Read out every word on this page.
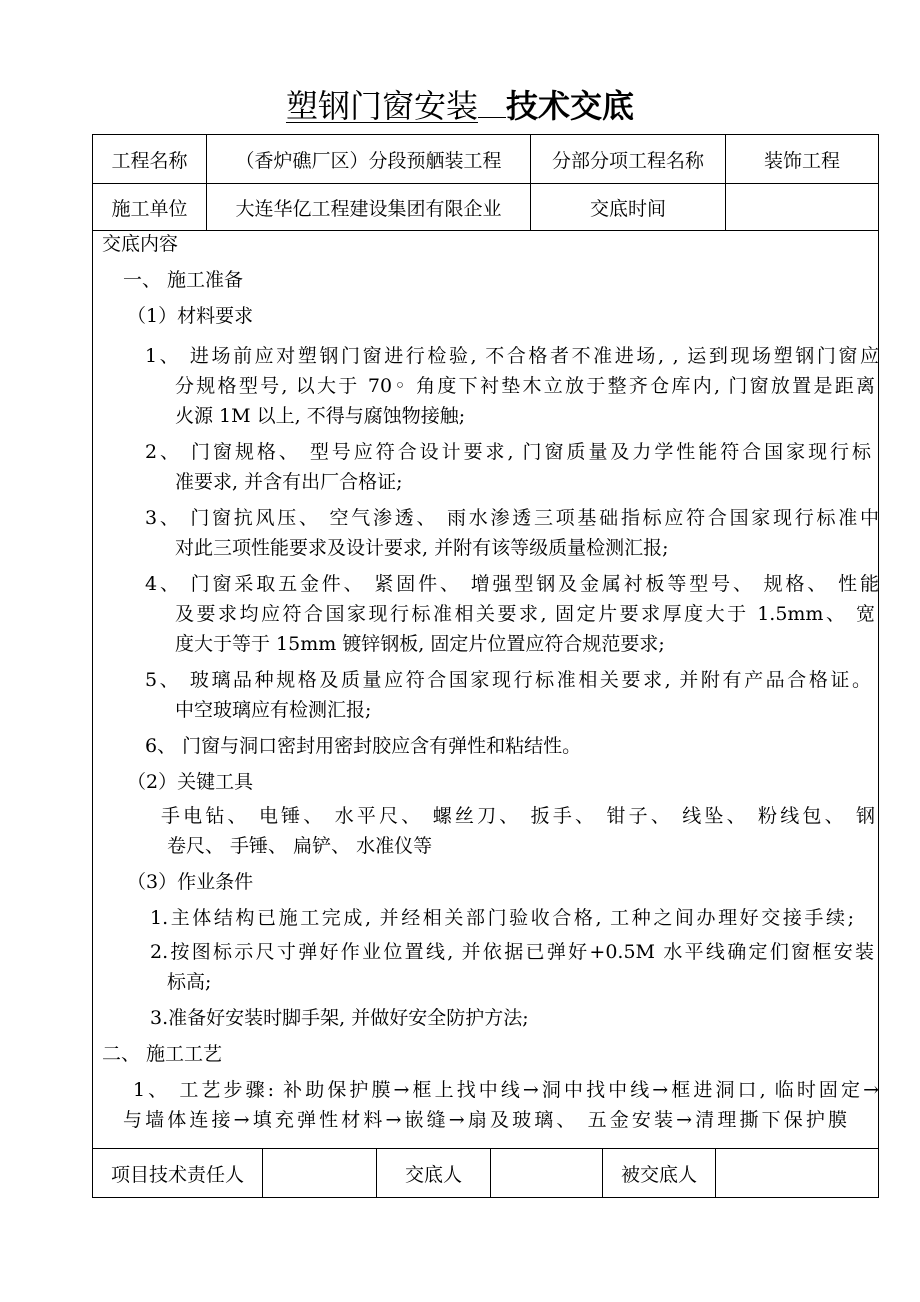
塑钢门窗安装 技术交底
工程名称	（香炉礁厂区）分段预舾装工程	分部分项工程名称	装饰工程
施工单位	大连华亿工程建设集团有限企业	交底时间
交底内容
一、 施工准备
（1）材料要求
1、 进场前应对塑钢门窗进行检验, 不合格者不准进场, , 运到现场塑钢门窗应
分规格型号, 以大于 70◦ 角度下衬垫木立放于整齐仓库内, 门窗放置是距离
火源 1M 以上, 不得与腐蚀物接触;
2、 门窗规格、 型号应符合设计要求, 门窗质量及力学性能符合国家现行标
准要求, 并含有出厂合格证;
3、 门窗抗风压、 空气渗透、 雨水渗透三项基础指标应符合国家现行标准中
对此三项性能要求及设计要求, 并附有该等级质量检测汇报;
4、 门窗采取五金件、 紧固件、 增强型钢及金属衬板等型号、 规格、 性能
及要求均应符合国家现行标准相关要求, 固定片要求厚度大于 1.5mm、 宽
度大于等于 15mm 镀锌钢板, 固定片位置应符合规范要求;
5、 玻璃品种规格及质量应符合国家现行标准相关要求, 并附有产品合格证。
中空玻璃应有检测汇报;
6、 门窗与洞口密封用密封胶应含有弹性和粘结性。
（2）关键工具
手电钻、 电锤、 水平尺、 螺丝刀、 扳手、 钳子、 线坠、 粉线包、 钢
卷尺、 手锤、 扁铲、 水准仪等
（3）作业条件
1.主体结构已施工完成, 并经相关部门验收合格, 工种之间办理好交接手续;
2.按图标示尺寸弹好作业位置线, 并依据已弹好+0.5M 水平线确定们窗框安装
标高;
3.准备好安装时脚手架, 并做好安全防护方法;
二、 施工工艺
1、 工艺步骤: 补助保护膜→框上找中线→洞中找中线→框进洞口, 临时固定→
与墙体连接→填充弹性材料→嵌缝→扇及玻璃、 五金安装→清理撕下保护膜
项目技术责任人	交底人	被交底人
